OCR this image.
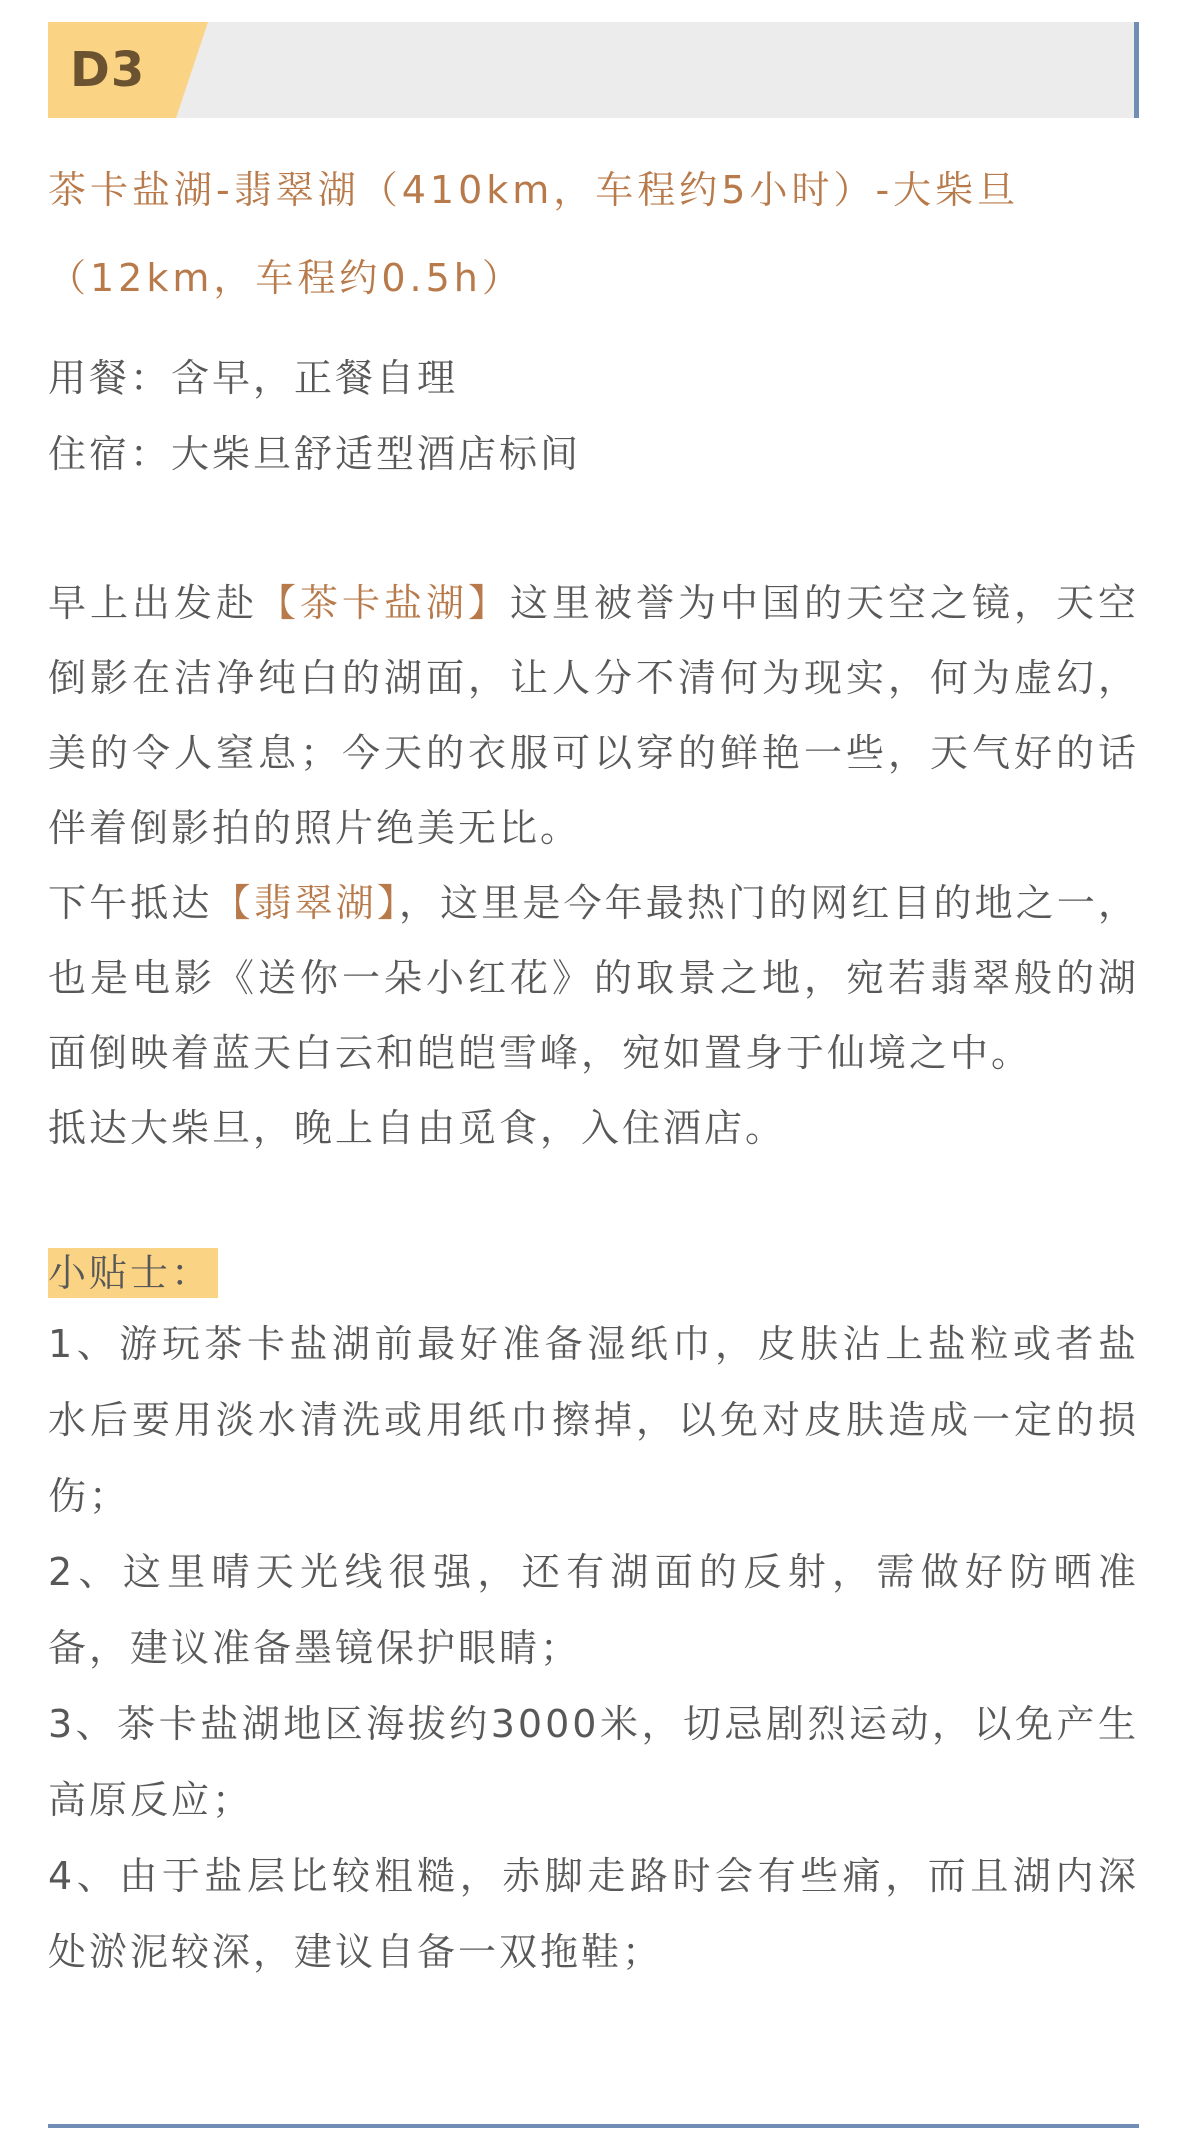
D3
茶卡盐湖-翡翠湖（410km，车程约5小时）-大柴旦（12km，车程约0.5h）
用餐：含早，正餐自理
住宿：大柴旦舒适型酒店标间

早上出发赴【茶卡盐湖】这里被誉为中国的天空之镜，天空倒影在洁净纯白的湖面，让人分不清何为现实，何为虚幻，美的令人窒息；今天的衣服可以穿的鲜艳一些，天气好的话伴着倒影拍的照片绝美无比。

下午抵达【翡翠湖】，这里是今年最热门的网红目的地之一，也是电影《送你一朵小红花》的取景之地，宛若翡翠般的湖面倒映着蓝天白云和皑皑雪峰，宛如置身于仙境之中。

抵达大柴旦，晚上自由觅食，入住酒店。

小贴士：

1、游玩茶卡盐湖前最好准备湿纸巾，皮肤沾上盐粒或者盐水后要用淡水清洗或用纸巾擦掉，以免对皮肤造成一定的损伤；

2、这里晴天光线很强，还有湖面的反射，需做好防晒准备，建议准备墨镜保护眼睛；

3、茶卡盐湖地区海拔约3000米，切忌剧烈运动，以免产生高原反应；

4、由于盐层比较粗糙，赤脚走路时会有些痛，而且湖内深处淤泥较深，建议自备一双拖鞋；
